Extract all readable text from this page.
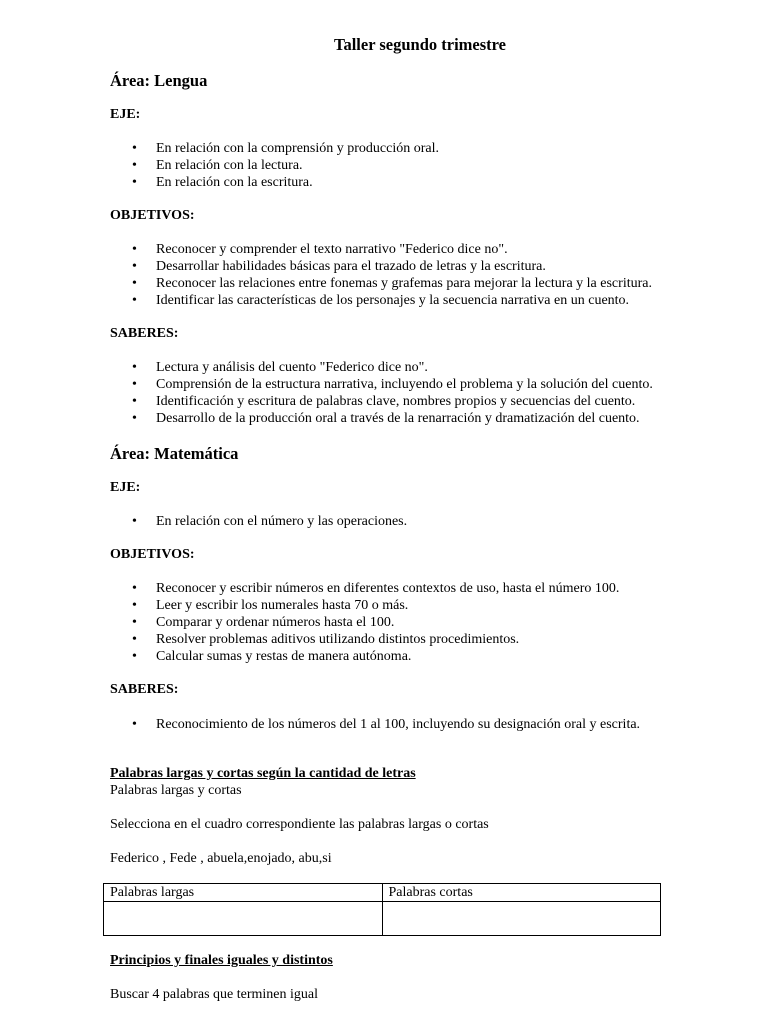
Taller segundo trimestre
Área: Lengua
EJE:
• En relación con la comprensión y producción oral.
• En relación con la lectura.
• En relación con la escritura.
OBJETIVOS:
• Reconocer y comprender el texto narrativo "Federico dice no".
• Desarrollar habilidades básicas para el trazado de letras y la escritura.
• Reconocer las relaciones entre fonemas y grafemas para mejorar la lectura y la escritura.
• Identificar las características de los personajes y la secuencia narrativa en un cuento.
SABERES:
• Lectura y análisis del cuento "Federico dice no".
• Comprensión de la estructura narrativa, incluyendo el problema y la solución del cuento.
• Identificación y escritura de palabras clave, nombres propios y secuencias del cuento.
• Desarrollo de la producción oral a través de la renarración y dramatización del cuento.
Área: Matemática
EJE:
• En relación con el número y las operaciones.
OBJETIVOS:
• Reconocer y escribir números en diferentes contextos de uso, hasta el número 100.
• Leer y escribir los numerales hasta 70 o más.
• Comparar y ordenar números hasta el 100.
• Resolver problemas aditivos utilizando distintos procedimientos.
• Calcular sumas y restas de manera autónoma.
SABERES:
• Reconocimiento de los números del 1 al 100, incluyendo su designación oral y escrita.
Palabras largas y cortas según la cantidad de letras
Palabras largas y cortas
Selecciona en el cuadro correspondiente las palabras largas o cortas
Federico , Fede , abuela,enojado, abu,si
Principios y finales iguales y distintos
Buscar 4 palabras que terminen igual
Palabras largas	Palabras cortas
